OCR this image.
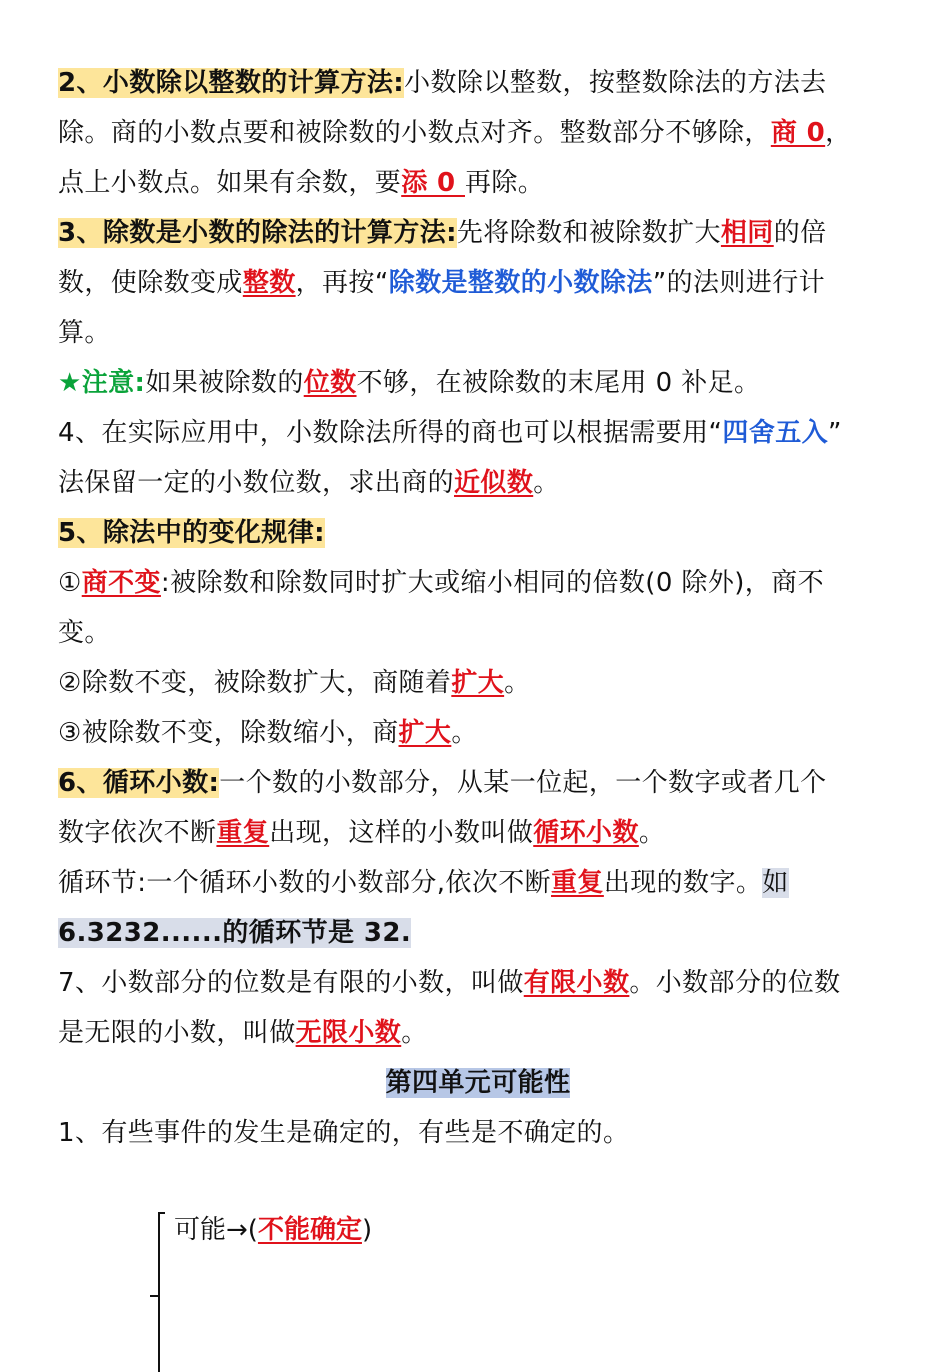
2、小数除以整数的计算方法:小数除以整数，按整数除法的方法去
除。商的小数点要和被除数的小数点对齐。整数部分不够除，商 0，
点上小数点。如果有余数，要添 0 再除。
3、除数是小数的除法的计算方法:先将除数和被除数扩大相同的倍
数，使除数变成整数，再按“除数是整数的小数除法”的法则进行计
算。
★注意:如果被除数的位数不够，在被除数的末尾用 0 补足。
4、在实际应用中，小数除法所得的商也可以根据需要用“四舍五入”
法保留一定的小数位数，求出商的近似数。
5、除法中的变化规律:
①商不变:被除数和除数同时扩大或缩小相同的倍数(0 除外)，商不
变。
②除数不变，被除数扩大，商随着扩大。
③被除数不变，除数缩小，商扩大。
6、循环小数:一个数的小数部分，从某一位起，一个数字或者几个
数字依次不断重复出现，这样的小数叫做循环小数。
循环节:一个循环小数的小数部分,依次不断重复出现的数字。如
6.3232......的循环节是 32.
7、小数部分的位数是有限的小数，叫做有限小数。小数部分的位数
是无限的小数，叫做无限小数。
第四单元可能性
1、有些事件的发生是确定的，有些是不确定的。
可能→(不能确定)
